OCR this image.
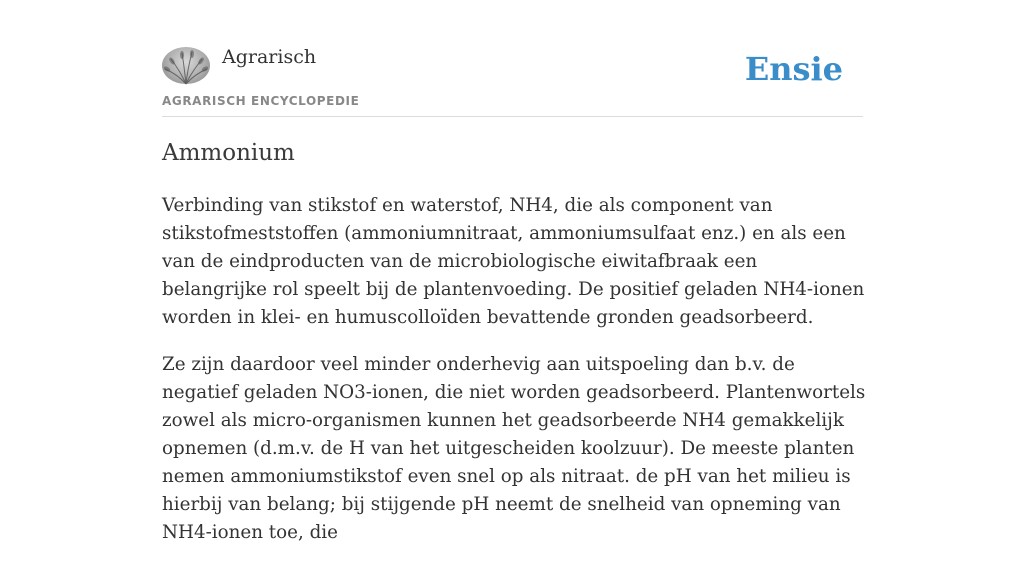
Agrarisch
AGRARISCH ENCYCLOPEDIE
Ensie
Ammonium

Verbinding van stikstof en waterstof, NH4, die als component van stikstofmeststoffen (ammoniumnitraat, ammoniumsulfaat enz.) en als een van de eindproducten van de microbiologische eiwitafbraak een belangrijke rol speelt bij de plantenvoeding. De positief geladen NH4-ionen worden in klei- en humuscolloïden bevattende gronden geadsorbeerd.

Ze zijn daardoor veel minder onderhevig aan uitspoeling dan b.v. de negatief geladen NO3-ionen, die niet worden geadsorbeerd. Plantenwortels zowel als micro-organismen kunnen het geadsorbeerde NH4 gemakkelijk opnemen (d.m.v. de H van het uitgescheiden koolzuur). De meeste planten nemen ammoniumstikstof even snel op als nitraat. de pH van het milieu is hierbij van belang; bij stijgende pH neemt de snelheid van opneming van NH4-ionen toe, die
